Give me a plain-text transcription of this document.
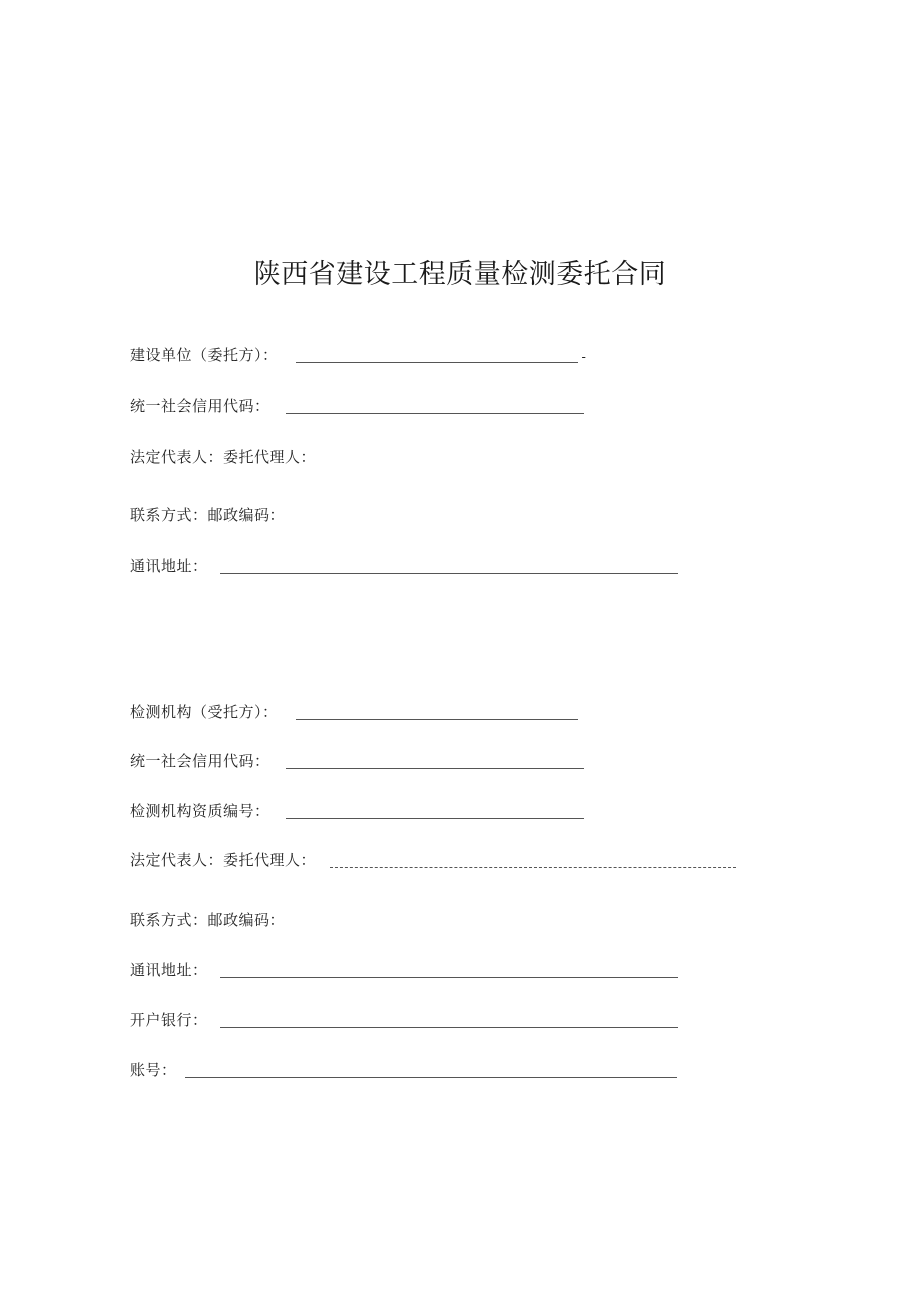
陕西省建设工程质量检测委托合同
建设单位（委托方）：	-
统一社会信用代码：
法定代表人：委托代理人：
联系方式：邮政编码：
通讯地址：
检测机构（受托方）：
统一社会信用代码：
检测机构资质编号：
法定代表人：委托代理人：
联系方式：邮政编码：
通讯地址：
开户银行：
账号：
